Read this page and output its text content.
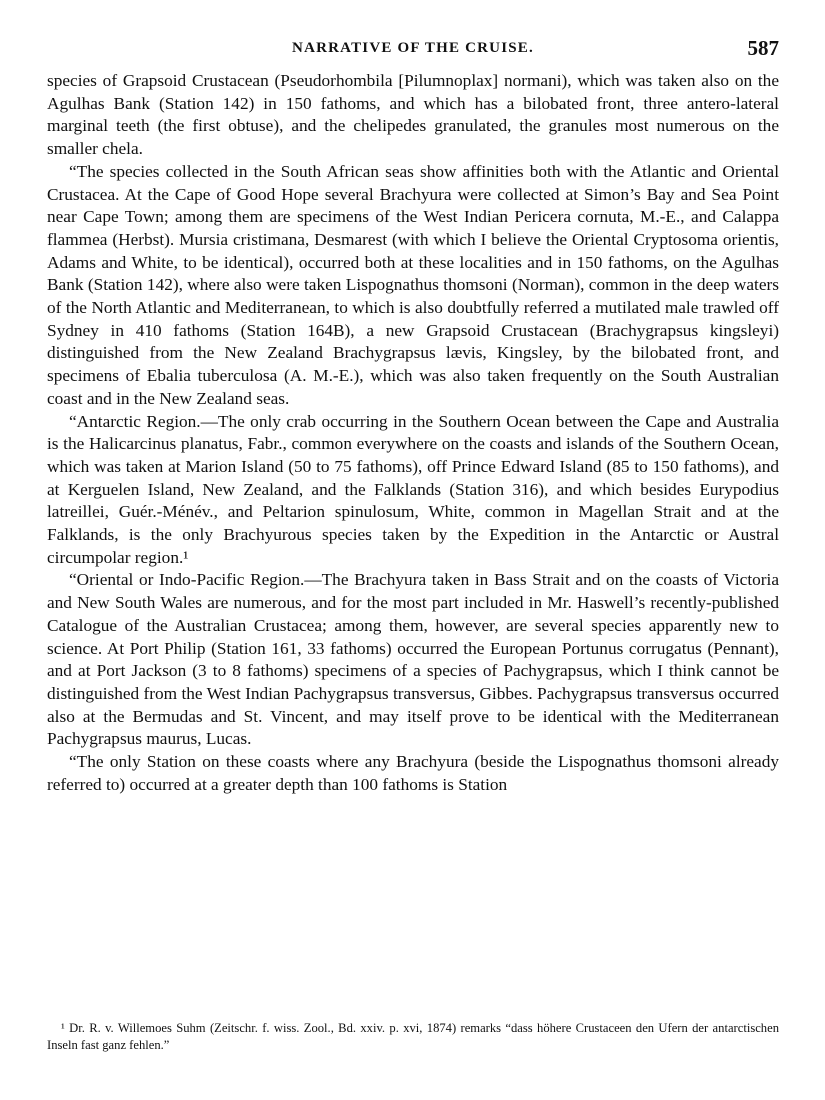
NARRATIVE OF THE CRUISE.	587

species of Grapsoid Crustacean (Pseudorhombila [Pilumnoplax] normani), which was taken also on the Agulhas Bank (Station 142) in 150 fathoms, and which has a bilobated front, three antero-lateral marginal teeth (the first obtuse), and the chelipedes granulated, the granules most numerous on the smaller chela.

“The species collected in the South African seas show affinities both with the Atlantic and Oriental Crustacea. At the Cape of Good Hope several Brachyura were collected at Simon’s Bay and Sea Point near Cape Town; among them are specimens of the West Indian Pericera cornuta, M.-E., and Calappa flammea (Herbst). Mursia cristimana, Desmarest (with which I believe the Oriental Cryptosoma orientis, Adams and White, to be identical), occurred both at these localities and in 150 fathoms, on the Agulhas Bank (Station 142), where also were taken Lispognathus thomsoni (Norman), common in the deep waters of the North Atlantic and Mediterranean, to which is also doubtfully referred a mutilated male trawled off Sydney in 410 fathoms (Station 164B), a new Grapsoid Crustacean (Brachygrapsus kingsleyi) distinguished from the New Zealand Brachygrapsus lævis, Kingsley, by the bilobated front, and specimens of Ebalia tuberculosa (A. M.-E.), which was also taken frequently on the South Australian coast and in the New Zealand seas.

“Antarctic Region.—The only crab occurring in the Southern Ocean between the Cape and Australia is the Halicarcinus planatus, Fabr., common everywhere on the coasts and islands of the Southern Ocean, which was taken at Marion Island (50 to 75 fathoms), off Prince Edward Island (85 to 150 fathoms), and at Kerguelen Island, New Zealand, and the Falklands (Station 316), and which besides Eurypodius latreillei, Guér.-Ménév., and Peltarion spinulosum, White, common in Magellan Strait and at the Falklands, is the only Brachyurous species taken by the Expedition in the Antarctic or Austral circumpolar region.¹

“Oriental or Indo-Pacific Region.—The Brachyura taken in Bass Strait and on the coasts of Victoria and New South Wales are numerous, and for the most part included in Mr. Haswell’s recently-published Catalogue of the Australian Crustacea; among them, however, are several species apparently new to science. At Port Philip (Station 161, 33 fathoms) occurred the European Portunus corrugatus (Pennant), and at Port Jackson (3 to 8 fathoms) specimens of a species of Pachygrapsus, which I think cannot be distinguished from the West Indian Pachygrapsus transversus, Gibbes. Pachygrapsus transversus occurred also at the Bermudas and St. Vincent, and may itself prove to be identical with the Mediterranean Pachygrapsus maurus, Lucas.

“The only Station on these coasts where any Brachyura (beside the Lispognathus thomsoni already referred to) occurred at a greater depth than 100 fathoms is Station

¹ Dr. R. v. Willemoes Suhm (Zeitschr. f. wiss. Zool., Bd. xxiv. p. xvi, 1874) remarks “dass höhere Crustaceen den Ufern der antarctischen Inseln fast ganz fehlen.”
